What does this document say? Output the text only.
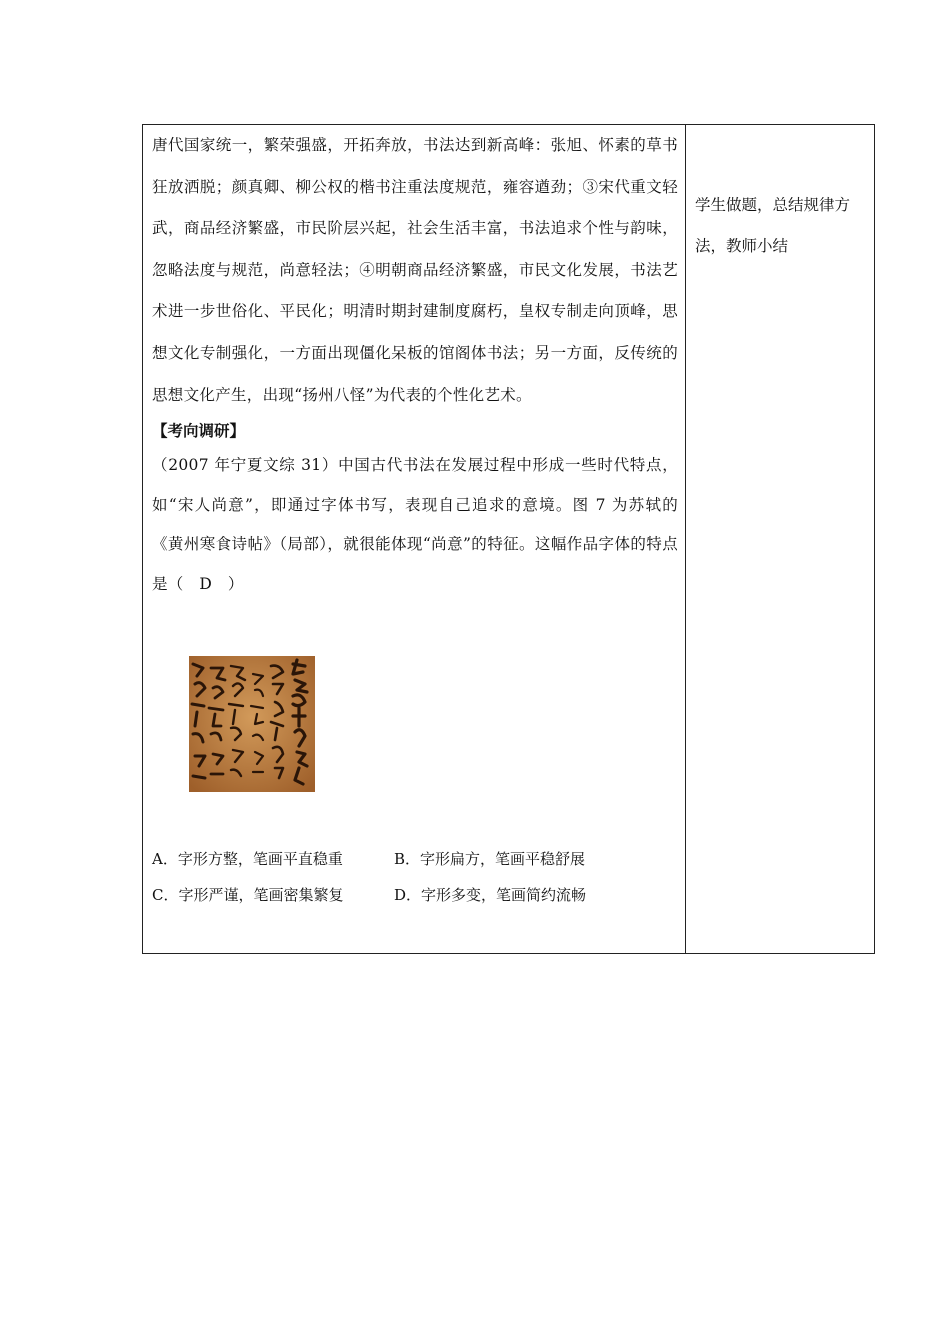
唐代国家统一，繁荣强盛，开拓奔放，书法达到新高峰：张旭、怀素的草书狂放洒脱；颜真卿、柳公权的楷书注重法度规范，雍容遒劲；③宋代重文轻武，商品经济繁盛，市民阶层兴起，社会生活丰富，书法追求个性与韵味，忽略法度与规范，尚意轻法；④明朝商品经济繁盛，市民文化发展，书法艺术进一步世俗化、平民化；明清时期封建制度腐朽，皇权专制走向顶峰，思想文化专制强化，一方面出现僵化呆板的馆阁体书法；另一方面，反传统的思想文化产生，出现“扬州八怪”为代表的个性化艺术。

【考向调研】

（2007 年宁夏文综 31）中国古代书法在发展过程中形成一些时代特点，如“宋人尚意”，即通过字体书写，表现自己追求的意境。图 7 为苏轼的《黄州寒食诗帖》（局部），就很能体现“尚意”的特征。这幅作品字体的特点是（　D　）

A．字形方整，笔画平直稳重	B．字形扁方，笔画平稳舒展
C．字形严谨，笔画密集繁复	D．字形多变，笔画简约流畅
学生做题，总结规律方法，教师小结
